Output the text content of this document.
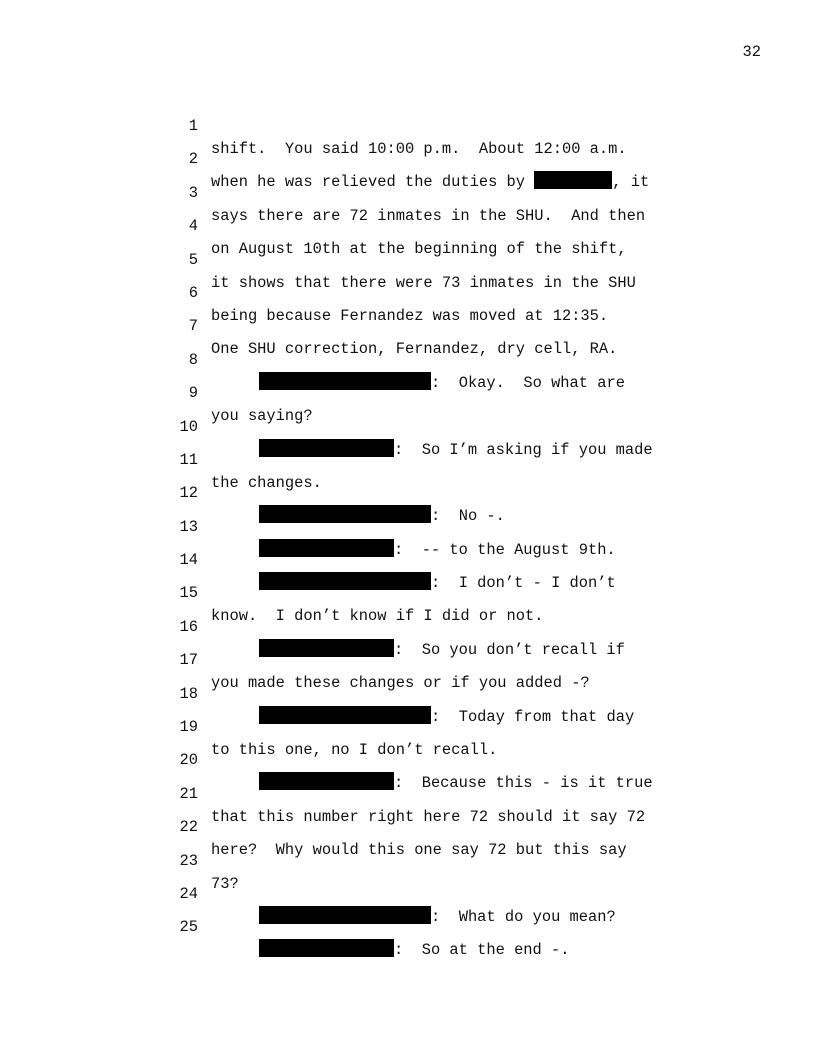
32

1

shift.  You said 10:00 p.m.  About 12:00 a.m.

2

when he was relieved the duties by	, it

3

says there are 72 inmates in the SHU.  And then

4

on August 10th at the beginning of the shift,

5

it shows that there were 73 inmates in the SHU

6

being because Fernandez was moved at 12:35.

7

One SHU correction, Fernandez, dry cell, RA.

8

:  Okay.  So what are

9

you saying?

10

:  So I’m asking if you made

11

the changes.

12

:  No -.

13

:  -- to the August 9th.

14

:  I don’t - I don’t

15

know.  I don’t know if I did or not.

16

:  So you don’t recall if

17

you made these changes or if you added -?

18

:  Today from that day

19

to this one, no I don’t recall.

20

:  Because this - is it true

21

that this number right here 72 should it say 72

22

here?  Why would this one say 72 but this say

23

73?

24

:  What do you mean?

25

:  So at the end -.
